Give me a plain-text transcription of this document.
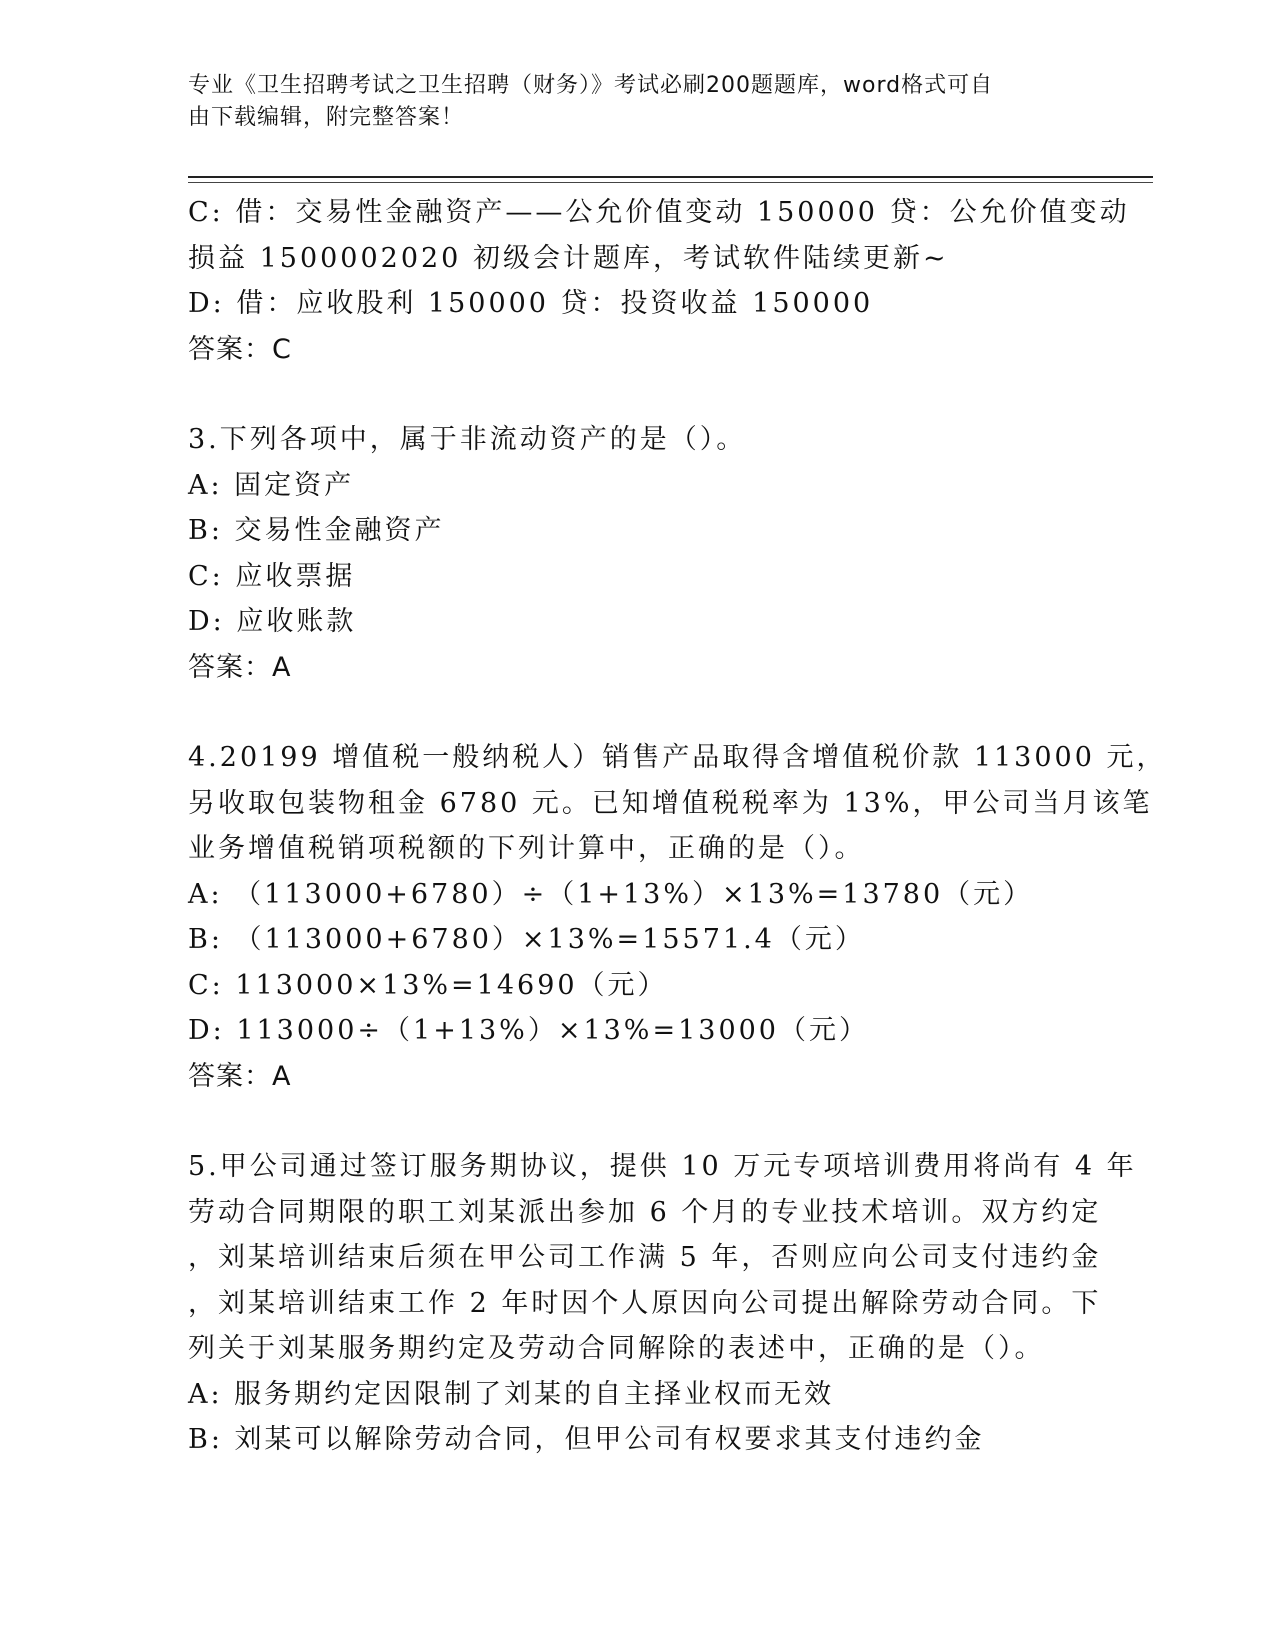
专业《卫生招聘考试之卫生招聘（财务）》考试必刷200题题库，word格式可自
由下载编辑，附完整答案！
C: 借：交易性金融资产——公允价值变动 150000 贷：公允价值变动
损益 1500002020 初级会计题库，考试软件陆续更新~
D: 借：应收股利 150000 贷：投资收益 150000
答案：C
3.下列各项中，属于非流动资产的是（）。
A: 固定资产
B: 交易性金融资产
C: 应收票据
D: 应收账款
答案：A
4.20199 增值税一般纳税人）销售产品取得含增值税价款 113000 元，
另收取包装物租金 6780 元。已知增值税税率为 13%，甲公司当月该笔
业务增值税销项税额的下列计算中，正确的是（）。
A: （113000+6780）÷（1+13%）×13%=13780（元）
B: （113000+6780）×13%=15571.4（元）
C: 113000×13%=14690（元）
D: 113000÷（1+13%）×13%=13000（元）
答案：A
5.甲公司通过签订服务期协议，提供 10 万元专项培训费用将尚有 4 年
劳动合同期限的职工刘某派出参加 6 个月的专业技术培训。双方约定
，刘某培训结束后须在甲公司工作满 5 年，否则应向公司支付违约金
，刘某培训结束工作 2 年时因个人原因向公司提出解除劳动合同。下
列关于刘某服务期约定及劳动合同解除的表述中，正确的是（）。
A: 服务期约定因限制了刘某的自主择业权而无效
B: 刘某可以解除劳动合同，但甲公司有权要求其支付违约金
